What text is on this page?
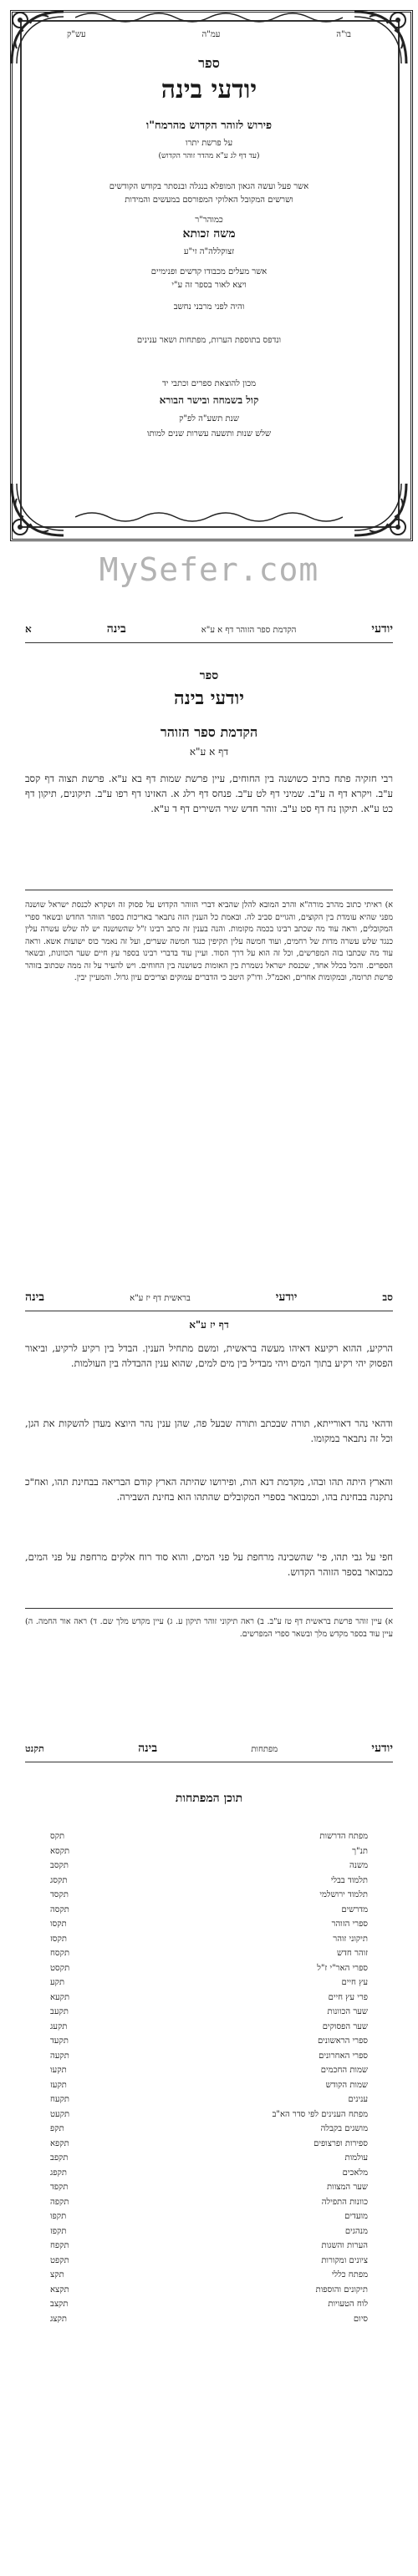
בו"ה
עמ"ה
עש"ק
ספר
יודעי בינה
פירוש לזוהר הקדוש מהרמח"ו
על פרשת יתרו
(עד דף לג ע"א מהדר זוהר הקדוש)
אשר פעל ועשה הגאון המופלא בנגלה ובנסתר בקודש הקודשים
ושרשים המקובל האלוקי המפורסם במעשים והמידות
כמוהר"ר
משה זכותא
זצוקללה"ה זי"ע
אשר מעלים מכבודו קדשים ופנימיים
ויצא לאור בספר זה ע"י
והיה לפני מרבני נחשב
ונדפס בתוספת הערות, מפתחות ושאר ענינים
מכון להוצאת ספרים וכתבי יד
קול בשמחה ובישר הבורא
שנת תשע"ה לפ"ק
שלש שנות ותשעה עשרות שנים למותו
MySefer.com
יודעי
הקדמת ספר הזוהר דף א ע"א
בינה
א
ספר
יודעי בינה
הקדמת ספר הזוהר
דף א ע"א
רבי חזקיה פתח כתיב כשושנה בין החוחים, עיין פרשת שמות דף בא ע"א. פרשת תצוה דף קסב ע"ב. ויקרא דף ה ע"ב. שמיני דף לט ע"ב. פנחס דף רלג א. האזינו דף רפו ע"ב. תיקונים, תיקון דף כט ע"א. תיקון נח דף סט ע"ב. זוהר חדש שיר השירים דף ד ע"א.
א) ראיתי כתוב מהרב מורה"א והרב המובא להלן שהביא דברי הזוהר הקדוש על פסוק זה ושקרא לכנסת ישראל שושנה מפני שהיא עומדת בין הקוצים, והגויים סביב לה. ובאמת כל הענין הזה נתבאר באריכות בספר הזוהר החדש ובשאר ספרי המקובלים, וראה עוד מה שכתב רבינו בכמה מקומות. והנה בענין זה כתב רבינו ז"ל שהשושנה יש לה שלש עשרה עלין כנגד שלש עשרה מדות של רחמים, ועוד חמשה עלין תקיפין כנגד חמשה שערים, ועל זה נאמר כוס ישועות אשא. וראה עוד מה שכתבו בזה המפרשים, וכל זה הוא על דרך הסוד. ועיין עוד בדברי רבינו בספר עץ חיים שער הכוונות, ובשאר הספרים. והכל בכלל אחד, שכנסת ישראל נשמרת בין האומות כשושנה בין החוחים. ויש להעיר על זה ממה שכתוב בזוהר פרשת תרומה, ובמקומות אחרים, ואכמ"ל. ודו"ק היטב כי הדברים עמוקים וצריכים עיון גדול. והמעיין יבין.
סב
יודעי
בראשית דף יז ע"א
בינה
דף יז ע"א
הרקיע, ההוא רקיעא דאיהו מעשה בראשית, ומשם מתחיל הענין. הבדל בין רקיע לרקיע, וביאור הפסוק יהי רקיע בתוך המים ויהי מבדיל בין מים למים, שהוא ענין ההבדלה בין העולמות.
ודהאי נהר דאורייתא, תורה שבכתב ותורה שבעל פה, שהן ענין נהר היוצא מעדן להשקות את הגן, וכל זה נתבאר במקומו.
והארץ היתה תהו ובהו, מקדמת דנא הות, ופירושו שהיתה הארץ קודם הבריאה בבחינת תהו, ואח"כ נתקנה בבחינת בהו, וכמבואר בספרי המקובלים שהתהו הוא בחינת השבירה.
חפי על גבי תהו, פי' שהשכינה מרחפת על פני המים, והוא סוד רוח אלקים מרחפת על פני המים, כמבואר בספר הזוהר הקדוש.
א) עיין זוהר פרשת בראשית דף טז ע"ב. ב) ראה תיקוני זוהר תיקון ע. ג) עיין מקדש מלך שם. ד) ראה אור החמה. ה) עיין עוד בספר מקדש מלך ובשאר ספרי המפרשים.
יודעי
מפתחות
בינה
תקנט
תוכן המפתחות
מפתח הדרשות
תקס
תנ"ך
תקסא
משנה
תקסב
תלמוד בבלי
תקסג
תלמוד ירושלמי
תקסד
מדרשים
תקסה
ספרי הזוהר
תקסו
תיקוני זוהר
תקסז
זוהר חדש
תקסח
ספרי האר"י ז"ל
תקסט
עץ חיים
תקע
פרי עץ חיים
תקעא
שער הכוונות
תקעב
שער הפסוקים
תקעג
ספרי הראשונים
תקעד
ספרי האחרונים
תקעה
שמות החכמים
תקעו
שמות הקודש
תקעז
ענינים
תקעח
מפתח הענינים לפי סדר הא"ב
תקעט
מושגים בקבלה
תקפ
ספירות ופרצופים
תקפא
עולמות
תקפב
מלאכים
תקפג
שער המצוות
תקפד
כוונות התפילה
תקפה
מועדים
תקפו
מנהגים
תקפז
הערות והשגות
תקפח
ציונים ומקורות
תקפט
מפתח כללי
תקצ
תיקונים והוספות
תקצא
לוח הטעויות
תקצב
סיום
תקצג
